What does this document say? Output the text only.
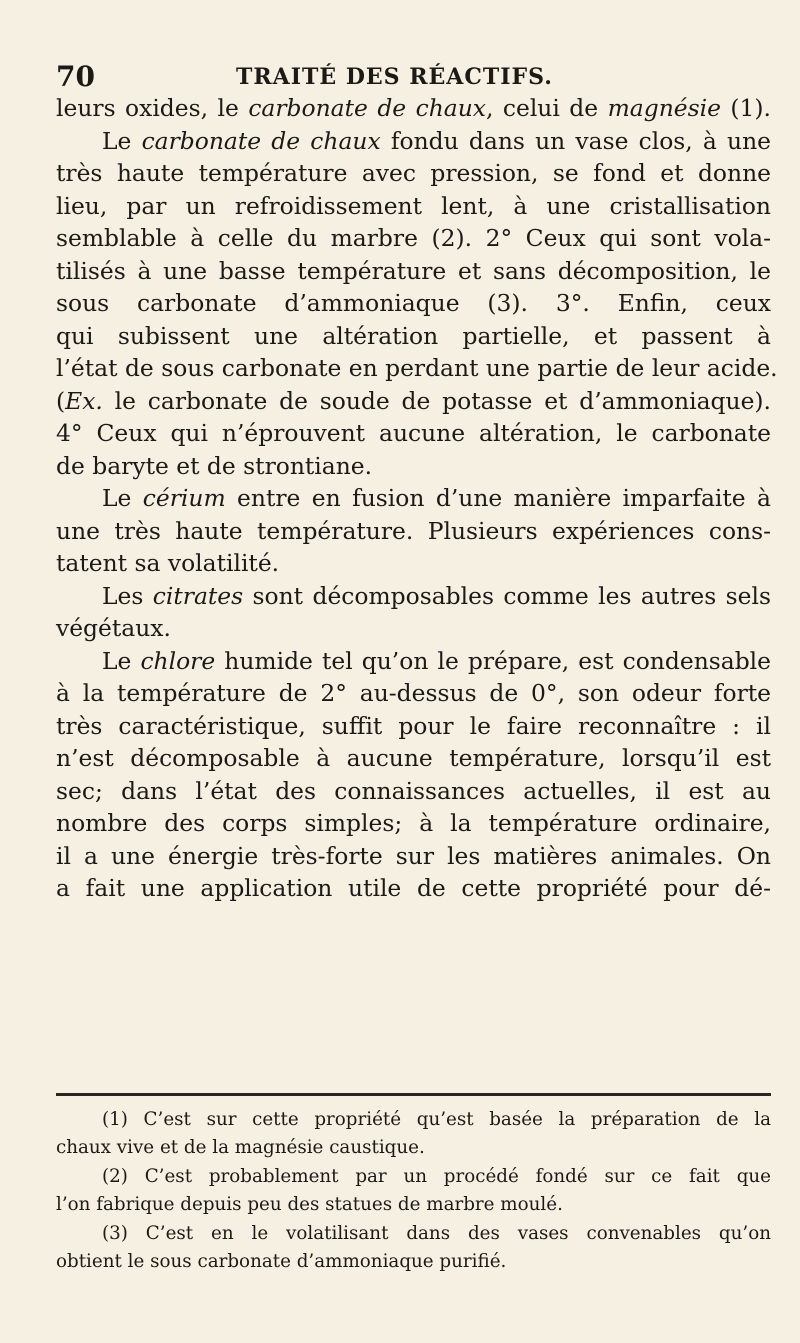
70	TRAITÉ DES RÉACTIFS.
leurs oxides, le carbonate de chaux, celui de magnésie (1).
Le carbonate de chaux fondu dans un vase clos, à une
très haute température avec pression, se fond et donne
lieu, par un refroidissement lent, à une cristallisation
semblable à celle du marbre (2). 2° Ceux qui sont vola-
tilisés à une basse température et sans décomposition, le
sous carbonate d’ammoniaque (3). 3°. Enfin, ceux
qui subissent une altération partielle, et passent à
l’état de sous carbonate en perdant une partie de leur acide.
(Ex. le carbonate de soude de potasse et d’ammoniaque).
4° Ceux qui n’éprouvent aucune altération, le carbonate
de baryte et de strontiane.
Le cérium entre en fusion d’une manière imparfaite à
une très haute température. Plusieurs expériences cons-
tatent sa volatilité.
Les citrates sont décomposables comme les autres sels
végétaux.
Le chlore humide tel qu’on le prépare, est condensable
à la température de 2° au-dessus de 0°, son odeur forte
très caractéristique, suffit pour le faire reconnaître : il
n’est décomposable à aucune température, lorsqu’il est
sec; dans l’état des connaissances actuelles, il est au
nombre des corps simples; à la température ordinaire,
il a une énergie très-forte sur les matières animales. On
a fait une application utile de cette propriété pour dé-
(1) C’est sur cette propriété qu’est basée la préparation de la
chaux vive et de la magnésie caustique.
(2) C’est probablement par un procédé fondé sur ce fait que
l’on fabrique depuis peu des statues de marbre moulé.
(3) C’est en le volatilisant dans des vases convenables qu’on
obtient le sous carbonate d’ammoniaque purifié.
